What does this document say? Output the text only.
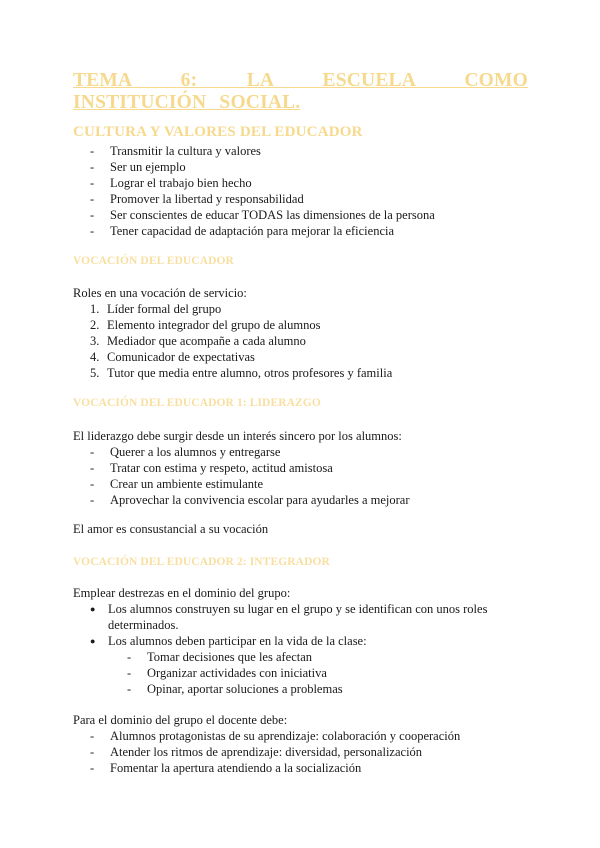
TEMA 6: LA ESCUELA COMO INSTITUCIÓN SOCIAL.
CULTURA Y VALORES DEL EDUCADOR
- Transmitir la cultura y valores
- Ser un ejemplo
- Lograr el trabajo bien hecho
- Promover la libertad y responsabilidad
- Ser conscientes de educar TODAS las dimensiones de la persona
- Tener capacidad de adaptación para mejorar la eficiencia
VOCACIÓN DEL EDUCADOR

Roles en una vocación de servicio:

Líder formal del grupo
Elemento integrador del grupo de alumnos
Mediador que acompañe a cada alumno
Comunicador de expectativas
Tutor que media entre alumno, otros profesores y familia
VOCACIÓN DEL EDUCADOR 1: LIDERAZGO

El liderazgo debe surgir desde un interés sincero por los alumnos:

- Querer a los alumnos y entregarse
- Tratar con estima y respeto, actitud amistosa
- Crear un ambiente estimulante
- Aprovechar la convivencia escolar para ayudarles a mejorar

El amor es consustancial a su vocación

VOCACIÓN DEL EDUCADOR 2: INTEGRADOR

Emplear destrezas en el dominio del grupo:

● Los alumnos construyen su lugar en el grupo y se identifican con unos roles determinados.
● Los alumnos deben participar en la vida de la clase:
- Tomar decisiones que les afectan
- Organizar actividades con iniciativa
- Opinar, aportar soluciones a problemas

Para el dominio del grupo el docente debe:

- Alumnos protagonistas de su aprendizaje: colaboración y cooperación
- Atender los ritmos de aprendizaje: diversidad, personalización
- Fomentar la apertura atendiendo a la socialización
